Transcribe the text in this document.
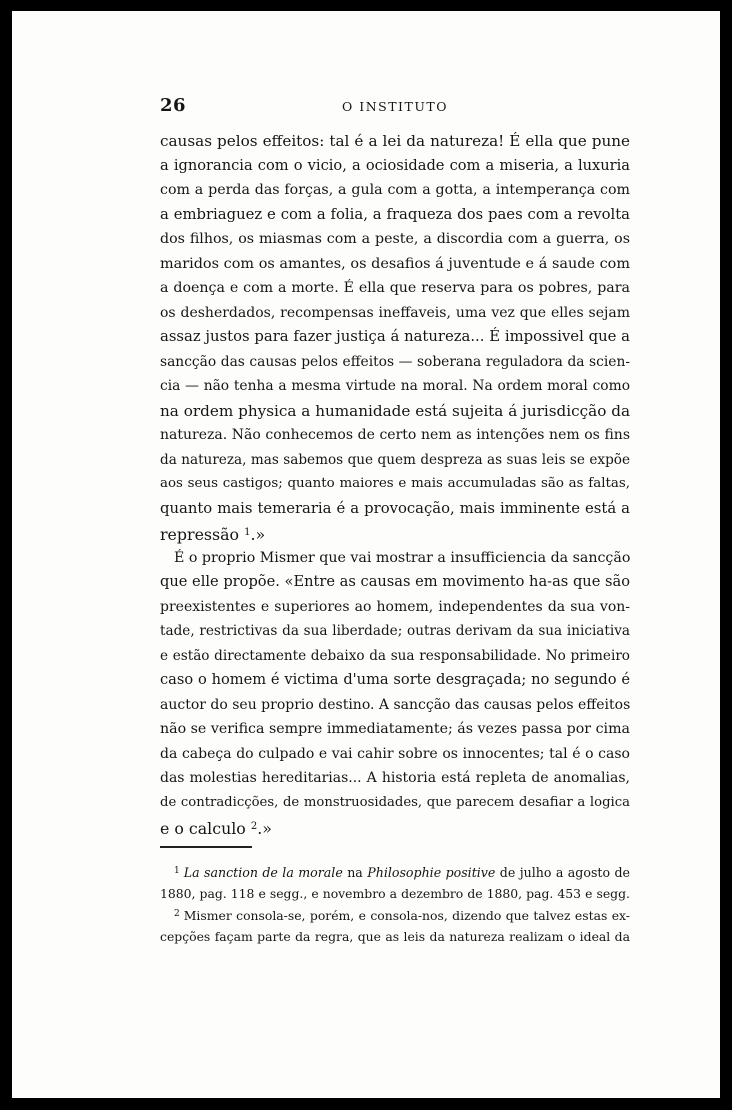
26	O INSTITUTO
causas pelos effeitos: tal é a lei da natureza! É ella que pune
a ignorancia com o vicio, a ociosidade com a miseria, a luxuria
com a perda das forças, a gula com a gotta, a intemperança com
a embriaguez e com a folia, a fraqueza dos paes com a revolta
dos filhos, os miasmas com a peste, a discordia com a guerra, os
maridos com os amantes, os desafios á juventude e á saude com
a doença e com a morte. É ella que reserva para os pobres, para
os desherdados, recompensas ineffaveis, uma vez que elles sejam
assaz justos para fazer justiça á natureza... É impossivel que a
sancção das causas pelos effeitos — soberana reguladora da scien-
cia — não tenha a mesma virtude na moral. Na ordem moral como
na ordem physica a humanidade está sujeita á jurisdicção da
natureza. Não conhecemos de certo nem as intenções nem os fins
da natureza, mas sabemos que quem despreza as suas leis se expõe
aos seus castigos; quanto maiores e mais accumuladas são as faltas,
quanto mais temeraria é a provocação, mais imminente está a
repressão $^1$.»
É o proprio Mismer que vai mostrar a insufficiencia da sancção
que elle propõe. «Entre as causas em movimento ha-as que são
preexistentes e superiores ao homem, independentes da sua von-
tade, restrictivas da sua liberdade; outras derivam da sua iniciativa
e estão directamente debaixo da sua responsabilidade. No primeiro
caso o homem é victima d'uma sorte desgraçada; no segundo é
auctor do seu proprio destino. A sancção das causas pelos effeitos
não se verifica sempre immediatamente; ás vezes passa por cima
da cabeça do culpado e vai cahir sobre os innocentes; tal é o caso
das molestias hereditarias... A historia está repleta de anomalias,
de contradicções, de monstruosidades, que parecem desafiar a logica
e o calculo $^2$.»
$^1$ La sanction de la morale na Philosophie positive de julho a agosto de
1880, pag. 118 e segg., e novembro a dezembro de 1880, pag. 453 e segg.
$^2$ Mismer consola-se, porém, e consola-nos, dizendo que talvez estas ex-
cepções façam parte da regra, que as leis da natureza realizam o ideal da
